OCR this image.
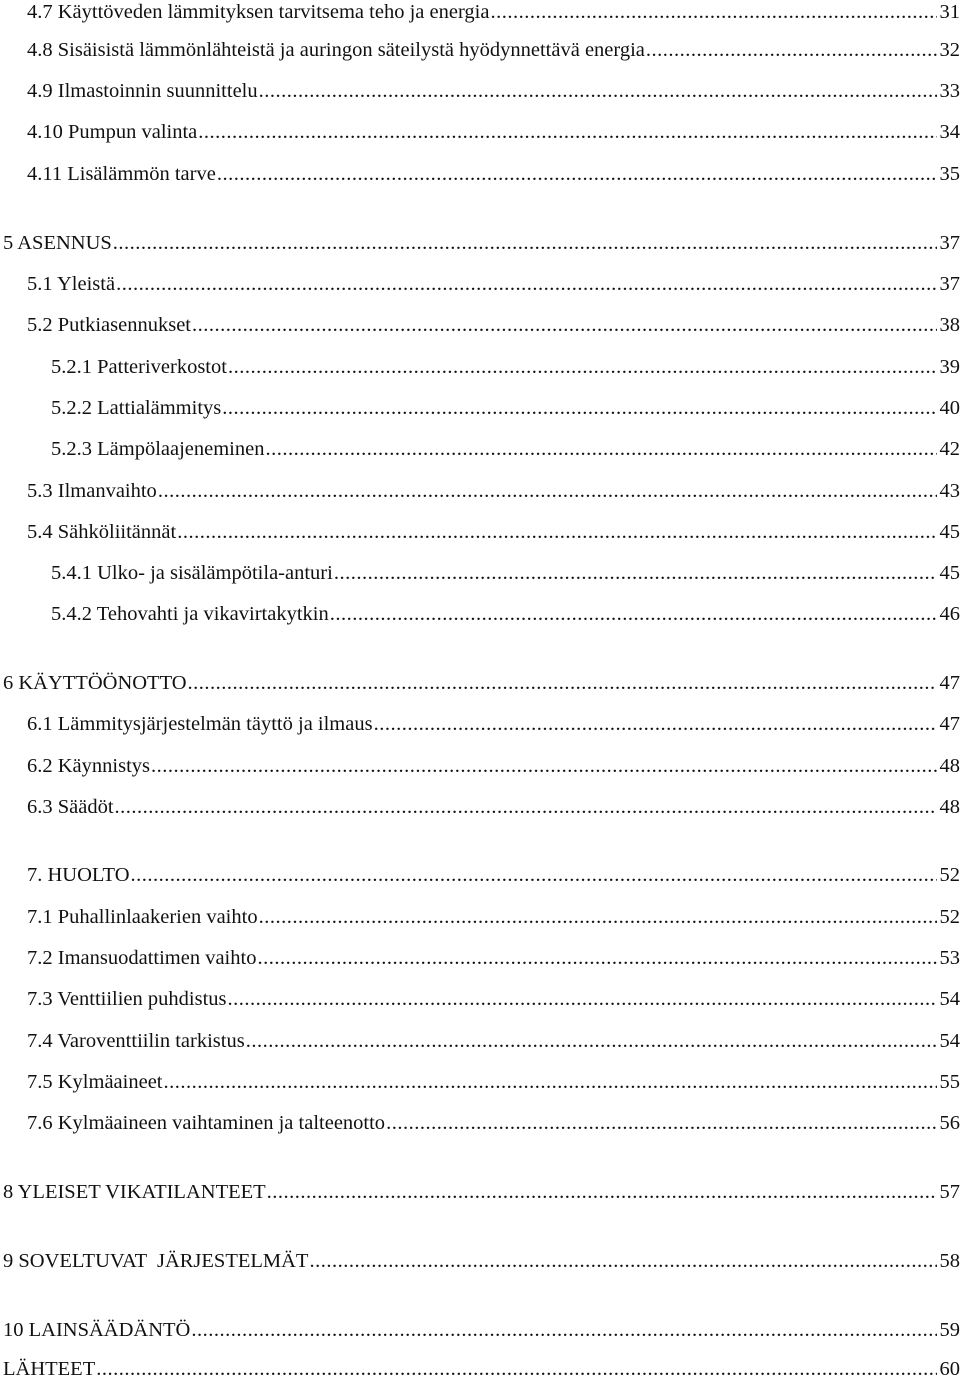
4.7 Käyttöveden lämmityksen tarvitsema teho ja energia .....	31
4.8 Sisäisistä lämmönlähteistä ja auringon säteilystä hyödynnettävä energia .....	32
4.9 Ilmastoinnin suunnittelu .....	33
4.10 Pumpun valinta .....	34
4.11 Lisälämmön tarve .....	35
5 ASENNUS .....	37
5.1 Yleistä .....	37
5.2 Putkiasennukset .....	38
5.2.1 Patteriverkostot .....	39
5.2.2 Lattialämmitys .....	40
5.2.3 Lämpölaajeneminen .....	42
5.3 Ilmanvaihto .....	43
5.4 Sähköliitännät .....	45
5.4.1 Ulko- ja sisälämpötila-anturi .....	45
5.4.2 Tehovahti ja vikavirtakytkin .....	46
6 KÄYTTÖÖNOTTO .....	47
6.1 Lämmitysjärjestelmän täyttö ja ilmaus .....	47
6.2 Käynnistys .....	48
6.3 Säädöt .....	48
7. HUOLTO .....	52
7.1 Puhallinlaakerien vaihto .....	52
7.2 Imansuodattimen vaihto .....	53
7.3 Venttiilien puhdistus .....	54
7.4 Varoventtiilin tarkistus .....	54
7.5 Kylmäaineet .....	55
7.6 Kylmäaineen vaihtaminen ja talteenotto .....	56
8 YLEISET VIKATILANTEET .....	57
9 SOVELTUVAT  JÄRJESTELMÄT .....	58
10 LAINSÄÄDÄNTÖ .....	59
LÄHTEET .....	60
